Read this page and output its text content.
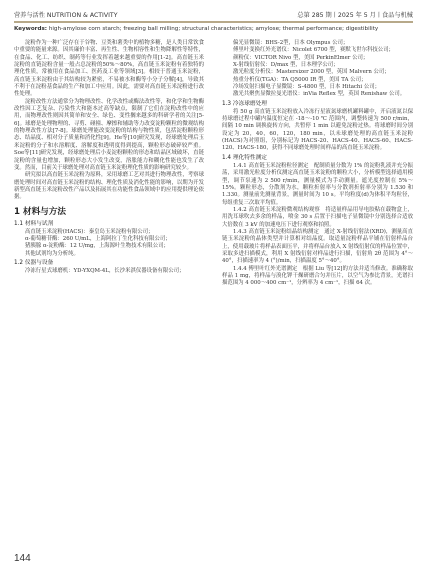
营养与活性 NUTRITION & ACTIVITY	总第 285 期丨2025 年 5 月丨食品与机械
Keywords: high-amylose corn starch; freezing ball milling; structural characteristics; amylose; thermal performance; digestibility

淀粉作为一种广泛存在于谷物、豆类和薯类中的植物多糖，是人类日常饮食中重要的能量来源。因其廉价丰富、再生性、生物相容性和生物降解性等特性，在食品、化工、纺织、制药等行业发挥着越来越重要的作用[1-2]。高直链玉米淀粉的直链淀粉含量一般占总淀粉的50%～80%，高直链玉米淀粉有着独特的理化性质，常被用在食品加工、医药及工业等领域[3]。相较于普通玉米淀粉，高直链玉米淀粉由于其结构较为紧密，不易被水和酶等小分子分解[4]，导致其不利于在淀粉基食品的生产和加工中应用。因此，需要对高直链玉米淀粉进行改性处理。

淀粉改性方法通常分为物理改性、化学改性或酶法改性等，和化学和生物酶改性因工艺复杂、污染性大和能本过高等缺点，限制了它们在淀粉改性中的应用，而物理改性则因其简单和安全、绿色、变性搁来越多的科研学者的关注[5-6]。球磨是处理物理的、寻剪、碰撞、摩擦和辅助等力改变淀粉颗粒的微观结构的物理改性方法[7-8]。球磨处理能改变淀粉的结构与物性质，包括淀粉颗粒形态、结晶度、相对分子质量和消化性[9]。He等[10]研究发现，经球磨处理后玉米淀粉的分子和水溶解度、溶解度和透明度得到提高，颗粒形态破碎较严重。Soe等[11]研究发现，经球磨处理后小麦淀粉颗粒的形态和结晶区域破坏，直链淀粉的含量也增加，颗粒形态大小发生改变，溶胀能力和糊化性能也发生了改变。然而，目前关于球磨处理对高直链玉米淀粉理化性质的影响研究较少。

研究拟以高直链玉米淀粉为原料，采用球磨工艺对其进行物理改性，考察球磨处理时间对高直链玉米淀粉的结构、理化性质及消化性能的影响，以期为开发新型高直链玉米淀粉改性产品以及拓展其在功能性食品领域中的应用提供理论依据。

1 材料与方法
1.1 材料与试剂

高直链玉米淀粉(HACS)：秦皇岛玉米淀粉有限公司；

α-葡萄糖苷酶：260 U/mL，上海阿拉丁生化科技有限公司；

猪胰腺 α-淀粉酶：12 U/mg，上海源叶生物技术有限公司；

其他试剂均为分析纯。

1.2 仪器与设备

冷冻行星式球磨机：YD-YXQM-4L，长沙米淇仪器设备有限公司；

偏光显微镜：BHS-2型，日本 Olympus 公司；

傅里叶变换红外光谱仪：Nicolet 6700 型，赛默飞世尔科技公司；

颜粉仪：VICTOR Nivo 型，美国 PerkinElmer 公司；

X-射线衍射仪：D/max 型，日本理学公司；

激光粒度分析仪：Mastersizer 2000 型，英国 Malvern 公司；

热重分析仪(TGA)：TA Q5000 IR 型，美国 TA 公司；

冷场发射扫描电子显微镜：S-4800 型，日本 Hitachi 公司；

激光共聚焦显微拉曼光谱仪：inVia Reflex 型，英国 Renishaw 公司。

1.3 冷冻球磨处理

将 50 g 高直链玉米淀粉放入冷冻行星液氮球磨机罐料罐中，开启液氮以保持球磨过程中罐内温度恒定在 -18～-10 ℃ 范围内，调整转速为 500 r/min，间隔 10 min 调换旋转方向，共暂停 1 min 以避免淀粉过热。将球磨时间分别设定为 20，40，60，120，180 min，以未球磨处理的高直链玉米淀粉(HACS)为对照组，分别标记为 HACS-20、HACS-40、HACS-60、HACS-120、HACS-180，获得不同球磨处理时间样品的高直链玉米淀粉。

1.4 理化特性测定

1.4.1 高直链玉米淀粉粒径测定　配制质量分数为 1% 的淀粉乳液并充分振荡，采用激光粒度分析仪测定高直链玉米淀粉的颗粒大小，分析模型选择通用模型，调节泵速为 2 500 r/min，测量模式为手动测量。遮光度控制在 5%～15%。颗粒形态，分散剂为水，颗粒折射率与分散剂折射率分别为 1.530 和 1.330。测量前先测量背景，测量时间为 10 s。平均粒度(d)为体积平均粒径，每组重复三次取平均值。

1.4.2 高直链玉米淀粉微观结构观察　将适量样品用导电胶粘在载物盒上，用洗耳球吹去多余的样品，喷金 30 s 后置于扫描电子显微镜中分别选择合适放大倍数在 3 kV 的加速电压下进行观察和拍照。

1.4.3 高直链玉米淀粉结晶结构测定　通过 X-射线衍射法(XRD)，测量高直链玉米淀粉的晶体类型并计算相对结晶度。取适量淀粉样品平铺在衍射样品台上，使用载玻片将样品表面压平，并将样品台放入 X 射线衍射仪的样品位置中，采取多进扫描模式，利用 X 射线衍射对样品进行扫描，衍射角 2θ 范围为 4°～40°，扫描速率为 4 (°)/min，扫描温度 5°～40°。

1.4.4 傅里叶红外光谱测定　根据 Liu 等[12]的方法并适当修改。准确称取样品 1 mg，将样品与溴化钾干燥研磨合匀并压片，以空气为参比背景，光谱扫描范围为 4 000～400 cm⁻¹，分辨率为 4 cm⁻¹，扫描 64 次。

144
